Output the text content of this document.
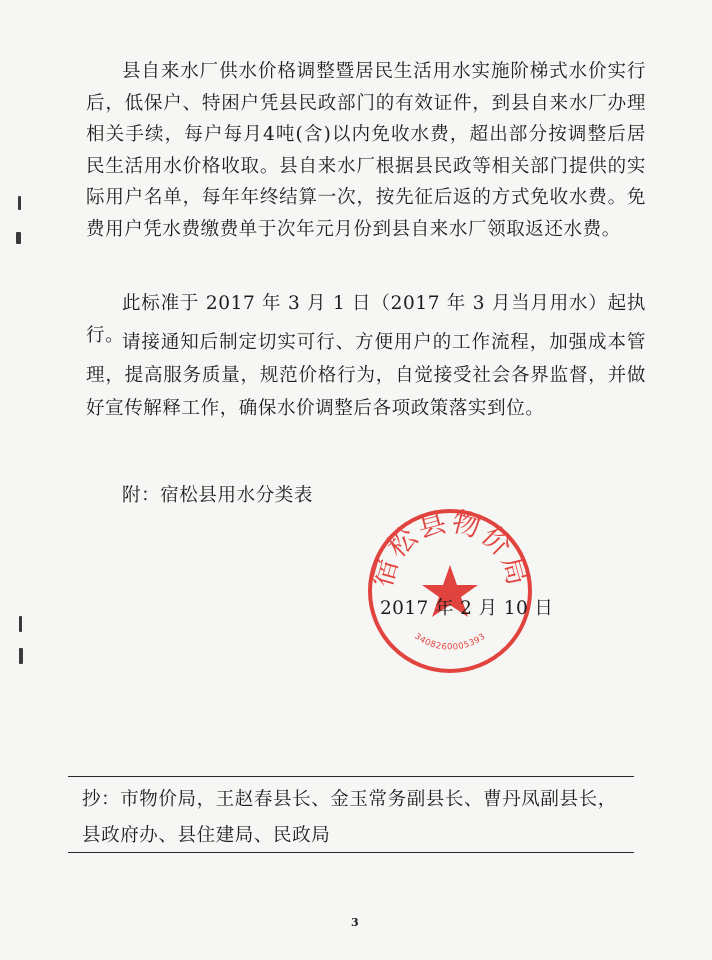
县自来水厂供水价格调整暨居民生活用水实施阶梯式水价实行后，低保户、特困户凭县民政部门的有效证件，到县自来水厂办理相关手续，每户每月4吨(含)以内免收水费，超出部分按调整后居民生活用水价格收取。县自来水厂根据县民政等相关部门提供的实际用户名单，每年年终结算一次，按先征后返的方式免收水费。免费用户凭水费缴费单于次年元月份到县自来水厂领取返还水费。
此标准于 2017 年 3 月 1 日（2017 年 3 月当月用水）起执行。
请接通知后制定切实可行、方便用户的工作流程，加强成本管理，提高服务质量，规范价格行为，自觉接受社会各界监督，并做好宣传解释工作，确保水价调整后各项政策落实到位。
附：宿松县用水分类表
宿松县物价局
3408260005393
2017 年 2 月 10 日
抄：市物价局，王赵春县长、金玉常务副县长、曹丹凤副县长，
县政府办、县住建局、民政局
3
